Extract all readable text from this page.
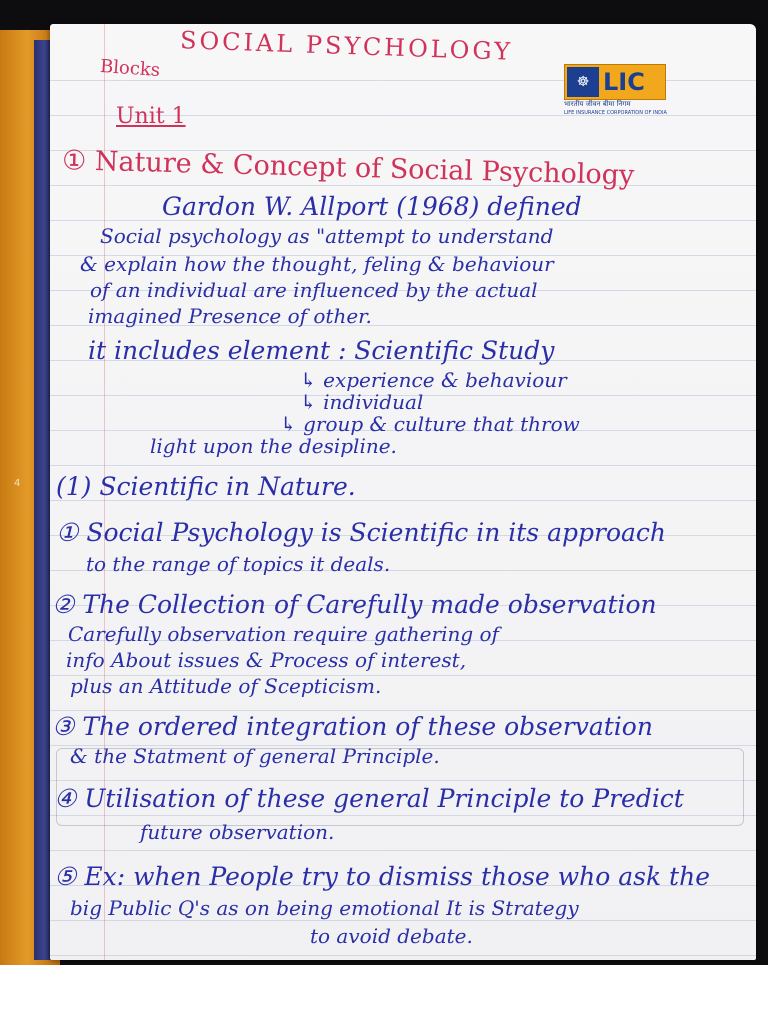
4
Blocks
SOCIAL PSYCHOLOGY
Unit 1
☸ LIC
भारतीय जीवन बीमा निगम
LIFE INSURANCE CORPORATION OF INDIA
① Nature & Concept of Social Psychology
Gardon W. Allport (1968) defined
Social psychology as "attempt to understand
& explain how the thought, feling & behaviour
of an individual are influenced by the actual
imagined Presence of other.
it includes element : Scientific Study
↳ experience & behaviour
↳ individual
↳ group & culture that throw
light upon the desipline.
(1) Scientific in Nature.
① Social Psychology is Scientific in its approach
to the range of topics it deals.
② The Collection of Carefully made observation
Carefully observation require gathering of
info About issues & Process of interest,
plus an Attitude of Scepticism.
③ The ordered integration of these observation
& the Statment of general Principle.
④ Utilisation of these general Principle to Predict
future observation.
⑤ Ex: when People try to dismiss those who ask the
big Public Q's as on being emotional It is Strategy
to avoid debate.
